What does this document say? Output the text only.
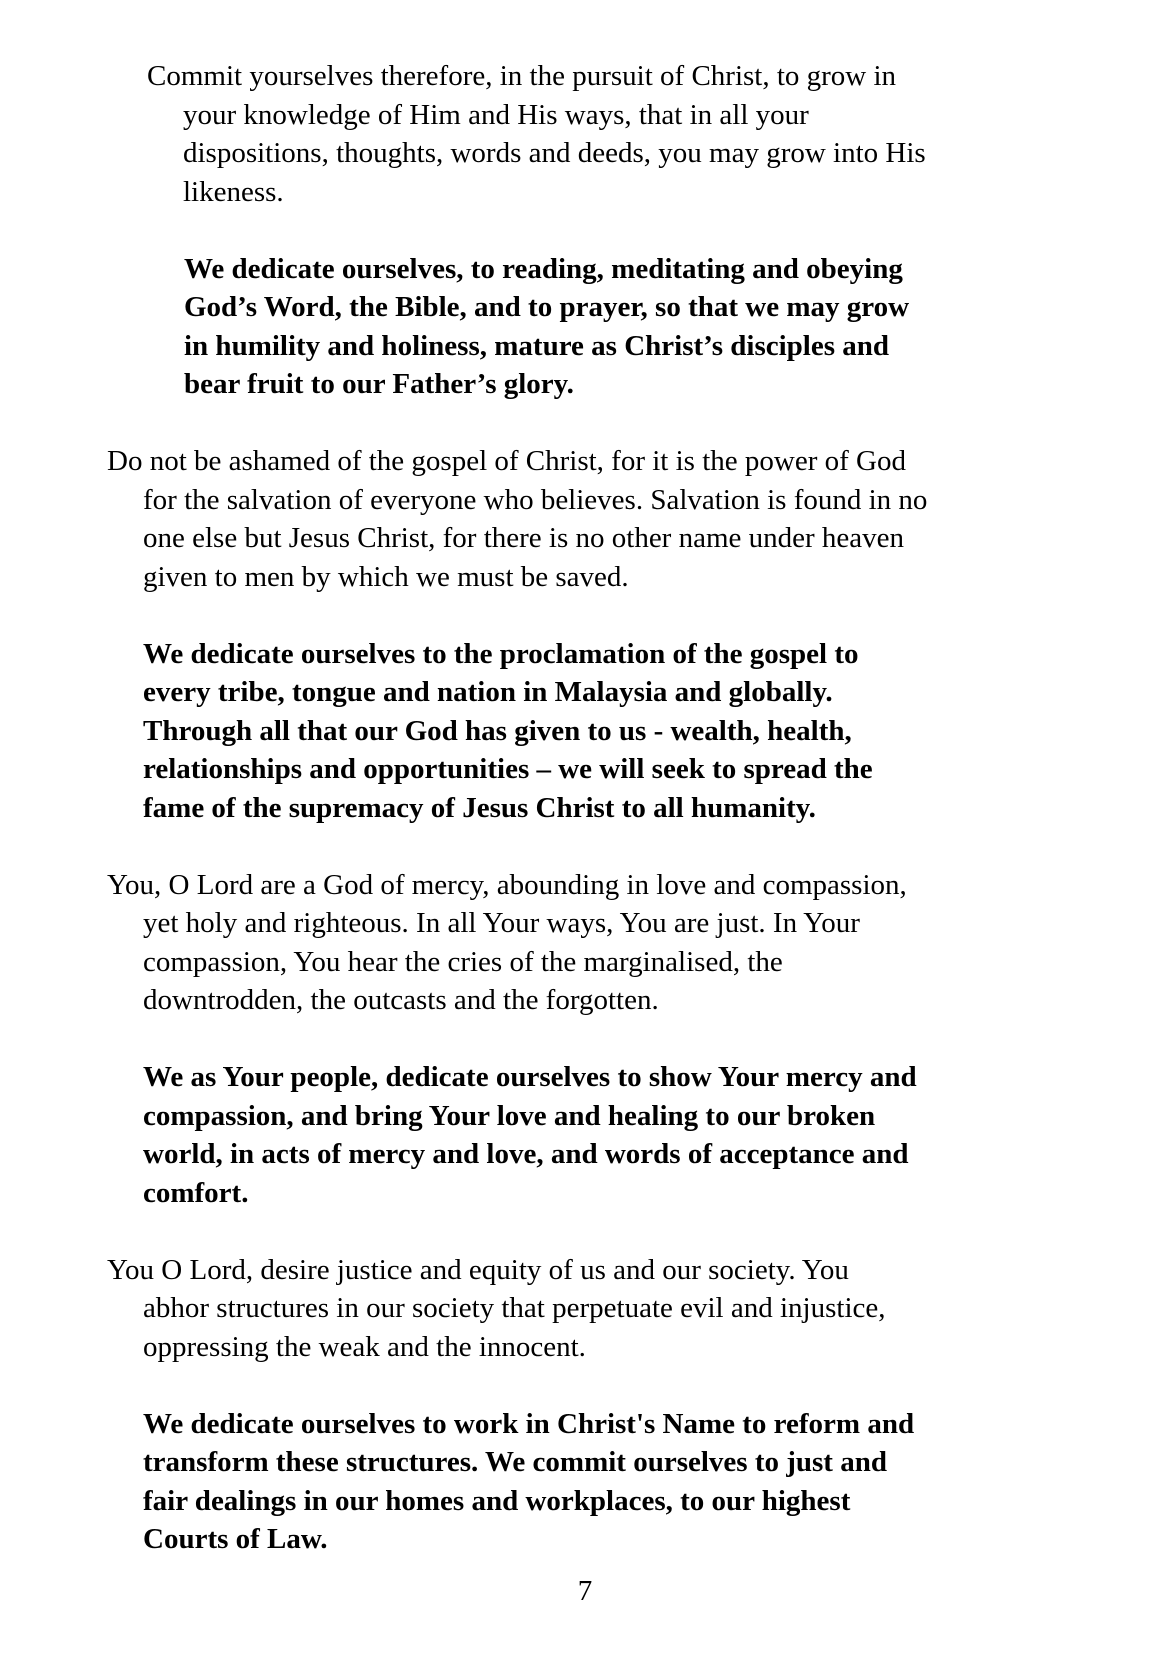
Commit yourselves therefore, in the pursuit of Christ, to grow in
your knowledge of Him and His ways, that in all your
dispositions, thoughts, words and deeds, you may grow into His
likeness.
We dedicate ourselves, to reading, meditating and obeying
God’s Word, the Bible, and to prayer, so that we may grow
in humility and holiness, mature as Christ’s disciples and
bear fruit to our Father’s glory.
Do not be ashamed of the gospel of Christ, for it is the power of God
for the salvation of everyone who believes. Salvation is found in no
one else but Jesus Christ, for there is no other name under heaven
given to men by which we must be saved.
We dedicate ourselves to the proclamation of the gospel to
every tribe, tongue and nation in Malaysia and globally.
Through all that our God has given to us - wealth, health,
relationships and opportunities – we will seek to spread the
fame of the supremacy of Jesus Christ to all humanity.
You, O Lord are a God of mercy, abounding in love and compassion,
yet holy and righteous. In all Your ways, You are just. In Your
compassion, You hear the cries of the marginalised, the
downtrodden, the outcasts and the forgotten.
We as Your people, dedicate ourselves to show Your mercy and
compassion, and bring Your love and healing to our broken
world, in acts of mercy and love, and words of acceptance and
comfort.
You O Lord, desire justice and equity of us and our society. You
abhor structures in our society that perpetuate evil and injustice,
oppressing the weak and the innocent.
We dedicate ourselves to work in Christ's Name to reform and
transform these structures. We commit ourselves to just and
fair dealings in our homes and workplaces, to our highest
Courts of Law.
7
